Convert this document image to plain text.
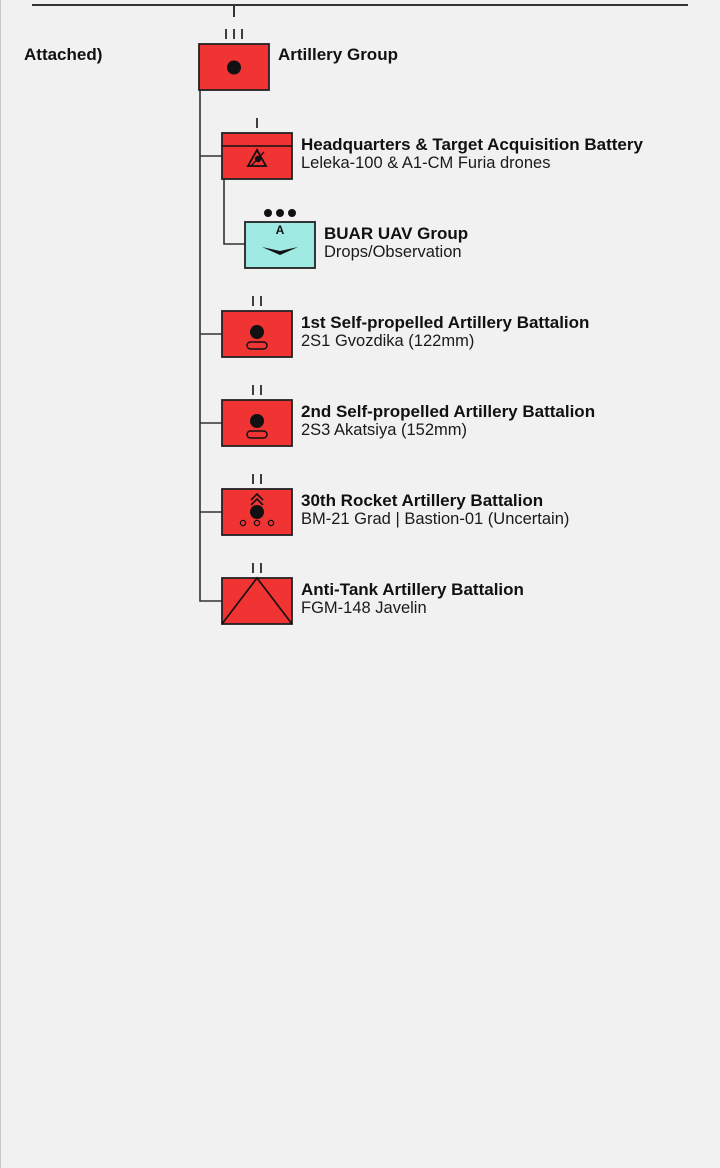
Attached)
A
Artillery Group
Headquarters & Target Acquisition Battery
Leleka-100 & A1-CM Furia drones
BUAR UAV Group
Drops/Observation
1st Self-propelled Artillery Battalion
2S1 Gvozdika (122mm)
2nd Self-propelled Artillery Battalion
2S3 Akatsiya (152mm)
30th Rocket Artillery Battalion
BM-21 Grad | Bastion-01 (Uncertain)
Anti-Tank Artillery Battalion
FGM-148 Javelin
